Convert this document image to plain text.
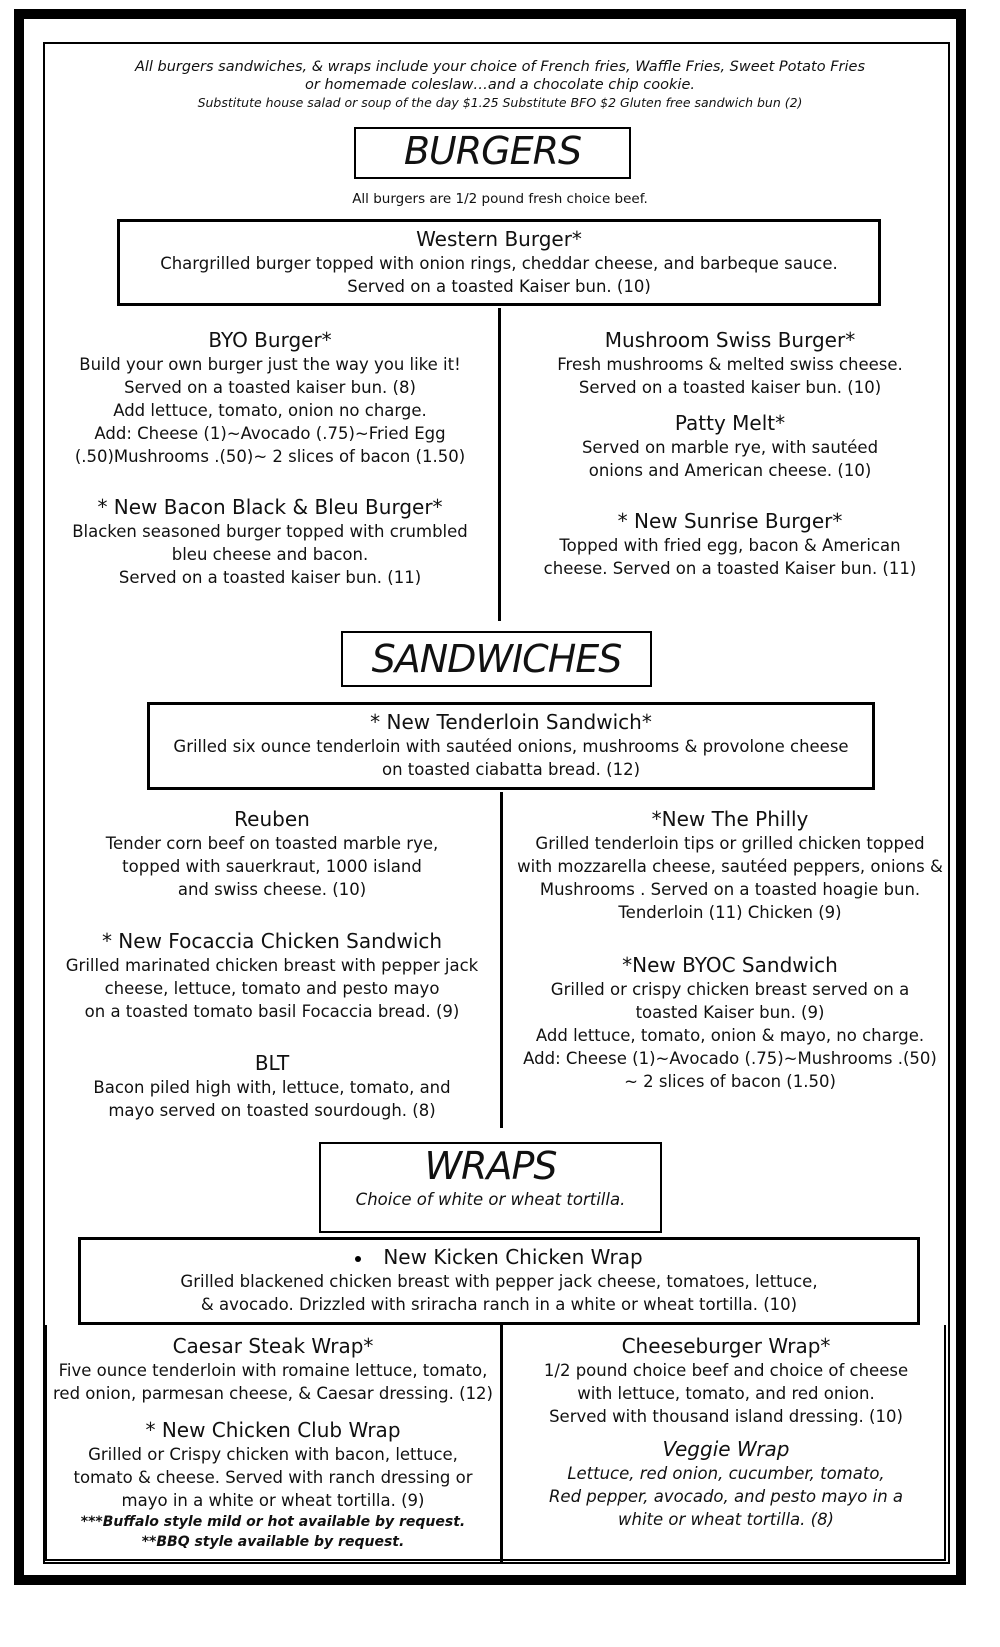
All burgers sandwiches, & wraps include your choice of French fries, Waffle Fries, Sweet Potato Fries
or homemade coleslaw…and a chocolate chip cookie.
Substitute house salad or soup of the day $1.25 Substitute BFO $2 Gluten free sandwich bun (2)
BURGERS
All burgers are 1/2 pound fresh choice beef.
Western Burger*
Chargrilled burger topped with onion rings, cheddar cheese, and barbeque sauce.
Served on a toasted Kaiser bun. (10)
BYO Burger*
Build your own burger just the way you like it!
Served on a toasted kaiser bun. (8)
Add lettuce, tomato, onion no charge.
Add: Cheese (1)~Avocado (.75)~Fried Egg
(.50)Mushrooms .(50)~ 2 slices of bacon (1.50)
* New Bacon Black & Bleu Burger*
Blacken seasoned burger topped with crumbled
bleu cheese and bacon.
Served on a toasted kaiser bun. (11)
Mushroom Swiss Burger*
Fresh mushrooms & melted swiss cheese.
Served on a toasted kaiser bun. (10)
Patty Melt*
Served on marble rye, with sautéed
onions and American cheese. (10)
* New Sunrise Burger*
Topped with fried egg, bacon & American
cheese. Served on a toasted Kaiser bun. (11)
SANDWICHES
* New Tenderloin Sandwich*
Grilled six ounce tenderloin with sautéed onions, mushrooms & provolone cheese
on toasted ciabatta bread. (12)
Reuben
Tender corn beef on toasted marble rye,
topped with sauerkraut, 1000 island
and swiss cheese. (10)
* New Focaccia Chicken Sandwich
Grilled marinated chicken breast with pepper jack
cheese, lettuce, tomato and pesto mayo
on a toasted tomato basil Focaccia bread. (9)
BLT
Bacon piled high with, lettuce, tomato, and
mayo served on toasted sourdough. (8)
*New The Philly
Grilled tenderloin tips or grilled chicken topped
with mozzarella cheese, sautéed peppers, onions &
Mushrooms . Served on a toasted hoagie bun.
Tenderloin (11) Chicken (9)
*New BYOC Sandwich
Grilled or crispy chicken breast served on a
toasted Kaiser bun. (9)
Add lettuce, tomato, onion & mayo, no charge.
Add: Cheese (1)~Avocado (.75)~Mushrooms .(50)
~ 2 slices of bacon (1.50)
WRAPS
Choice of white or wheat tortilla.
New Kicken Chicken Wrap
Grilled blackened chicken breast with pepper jack cheese, tomatoes, lettuce,
& avocado. Drizzled with sriracha ranch in a white or wheat tortilla. (10)
Caesar Steak Wrap*
Five ounce tenderloin with romaine lettuce, tomato,
red onion, parmesan cheese, & Caesar dressing. (12)
* New Chicken Club Wrap
Grilled or Crispy chicken with bacon, lettuce,
tomato & cheese. Served with ranch dressing or
mayo in a white or wheat tortilla. (9)
***Buffalo style mild or hot available by request.
**BBQ style available by request.
Cheeseburger Wrap*
1/2 pound choice beef and choice of cheese
with lettuce, tomato, and red onion.
Served with thousand island dressing. (10)
Veggie Wrap
Lettuce, red onion, cucumber, tomato,
Red pepper, avocado, and pesto mayo in a
white or wheat tortilla. (8)
